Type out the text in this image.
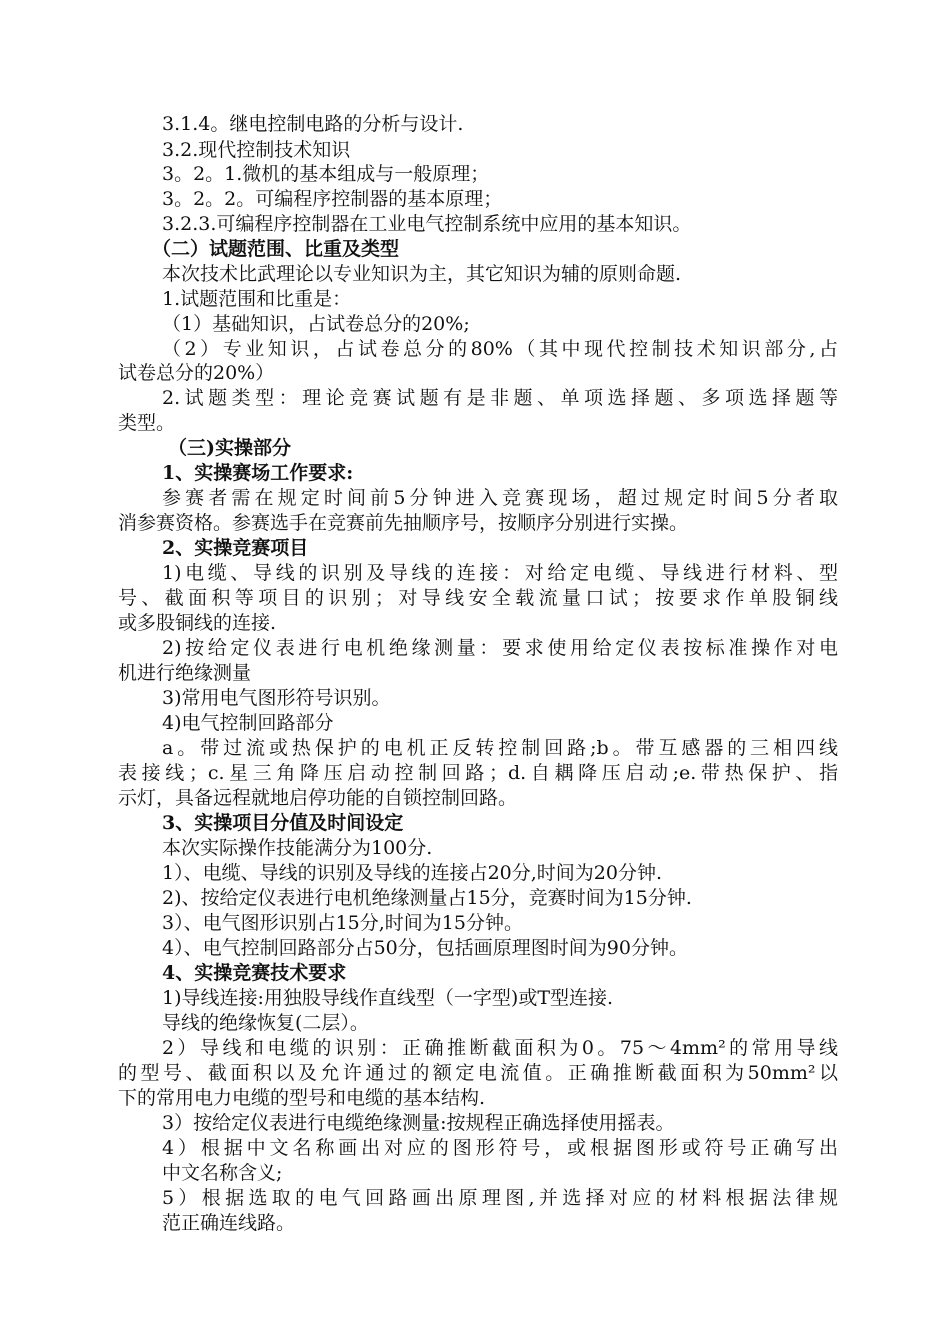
3.1.4。继电控制电路的分析与设计.
3.2.现代控制技术知识
3。2。1.微机的基本组成与一般原理；
3。2。2。可编程序控制器的基本原理；
3.2.3.可编程序控制器在工业电气控制系统中应用的基本知识。
（二）试题范围、比重及类型
本次技术比武理论以专业知识为主，其它知识为辅的原则命题.
1.试题范围和比重是：
（1）基础知识，占试卷总分的20%;
（2）专业知识，占试卷总分的80%（其中现代控制技术知识部分,占
试卷总分的20%）
2.试题类型：理论竞赛试题有是非题、单项选择题、多项选择题等
类型。
（三)实操部分
1、实操赛场工作要求:
参赛者需在规定时间前5分钟进入竞赛现场，超过规定时间5分者取
消参赛资格。参赛选手在竞赛前先抽顺序号，按顺序分别进行实操。
2、实操竞赛项目
1)电缆、导线的识别及导线的连接：对给定电缆、导线进行材料、型
号、截面积等项目的识别；对导线安全载流量口试；按要求作单股铜线
或多股铜线的连接.
2)按给定仪表进行电机绝缘测量：要求使用给定仪表按标准操作对电
机进行绝缘测量
3)常用电气图形符号识别。
4)电气控制回路部分
a。带过流或热保护的电机正反转控制回路;b。带互感器的三相四线
表接线；c.星三角降压启动控制回路；d.自耦降压启动;e.带热保护、指
示灯，具备远程就地启停功能的自锁控制回路。
3、实操项目分值及时间设定
本次实际操作技能满分为100分.
1）、电缆、导线的识别及导线的连接占20分,时间为20分钟.
2)、按给定仪表进行电机绝缘测量占15分，竞赛时间为15分钟.
3）、电气图形识别占15分,时间为15分钟。
4）、电气控制回路部分占50分，包括画原理图时间为90分钟。
4、实操竞赛技术要求
1)导线连接:用独股导线作直线型（一字型)或T型连接.
导线的绝缘恢复(二层）。
2）导线和电缆的识别：正确推断截面积为0。75～4mm²的常用导线
的型号、截面积以及允许通过的额定电流值。正确推断截面积为50mm²以
下的常用电力电缆的型号和电缆的基本结构.
3）按给定仪表进行电缆绝缘测量:按规程正确选择使用摇表。
4）根据中文名称画出对应的图形符号，或根据图形或符号正确写出
中文名称含义;
5）根据选取的电气回路画出原理图,并选择对应的材料根据法律规
范正确连线路。
